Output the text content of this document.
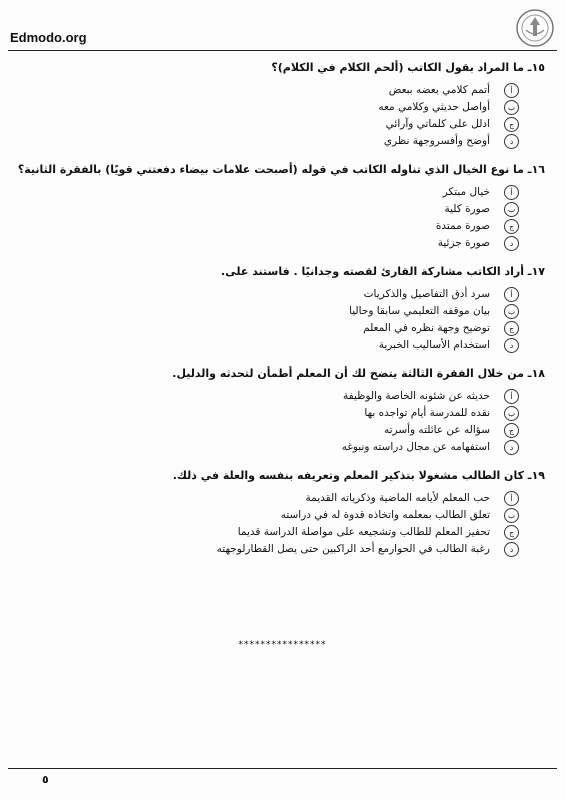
Edmodo.org

١٥ـ ما المراد بقول الكاتب (ألحم الكلام في الكلام)؟

أ
أتمم كلامي بعضه ببعض
ب
أواصل حديثي وكلامي معه
ج
ادلل على كلماتي وآرائي
د
أوضح وأفسروجهة نظري

١٦ـ ما نوع الخيال الذي تناوله الكاتب في قوله (أصبحت علامات بيضاء دفعتني قويًا) بالفقرة الثانية؟

أ
خيال مبتكر
ب
صورة كلية
ج
صورة ممتدة
د
صورة جزئية

١٧ـ أراد الكاتب مشاركة القارئ لقصته وجدانيًا . فاستند على.

أ
سرد أدق التفاصيل والذكريات
ب
بيان موقفه التعليمي سابقا وحاليا
ج
توضيح وجهة نظره في المعلم
د
استخدام الأساليب الخبرية

١٨ـ من خلال الفقرة الثالثة يتضح لك أن المعلم أطمأن لتحدثه والدليل.

أ
حديثه عن شئونه الخاصة والوظيفة
ب
نقده للمدرسة أيام تواجده بها
ج
سؤاله عن عائلته وأسرته
د
استفهامه عن مجال دراسته ونبوغه

١٩ـ كان الطالب مشغولا بتذكير المعلم وتعريفه بنفسه والعلة في ذلك.

أ
حب المعلم لأيامه الماضية وذكرياته القديمة
ب
تعلق الطالب بمعلمه واتخاذه قدوة له في دراسته
ج
تحفيز المعلم للطالب وتشجيعه على مواصلة الدراسة قديما
د
رغبة الطالب في الحوارمع أحد الراكبين حتى يصل القطارلوجهته
****************
٥
